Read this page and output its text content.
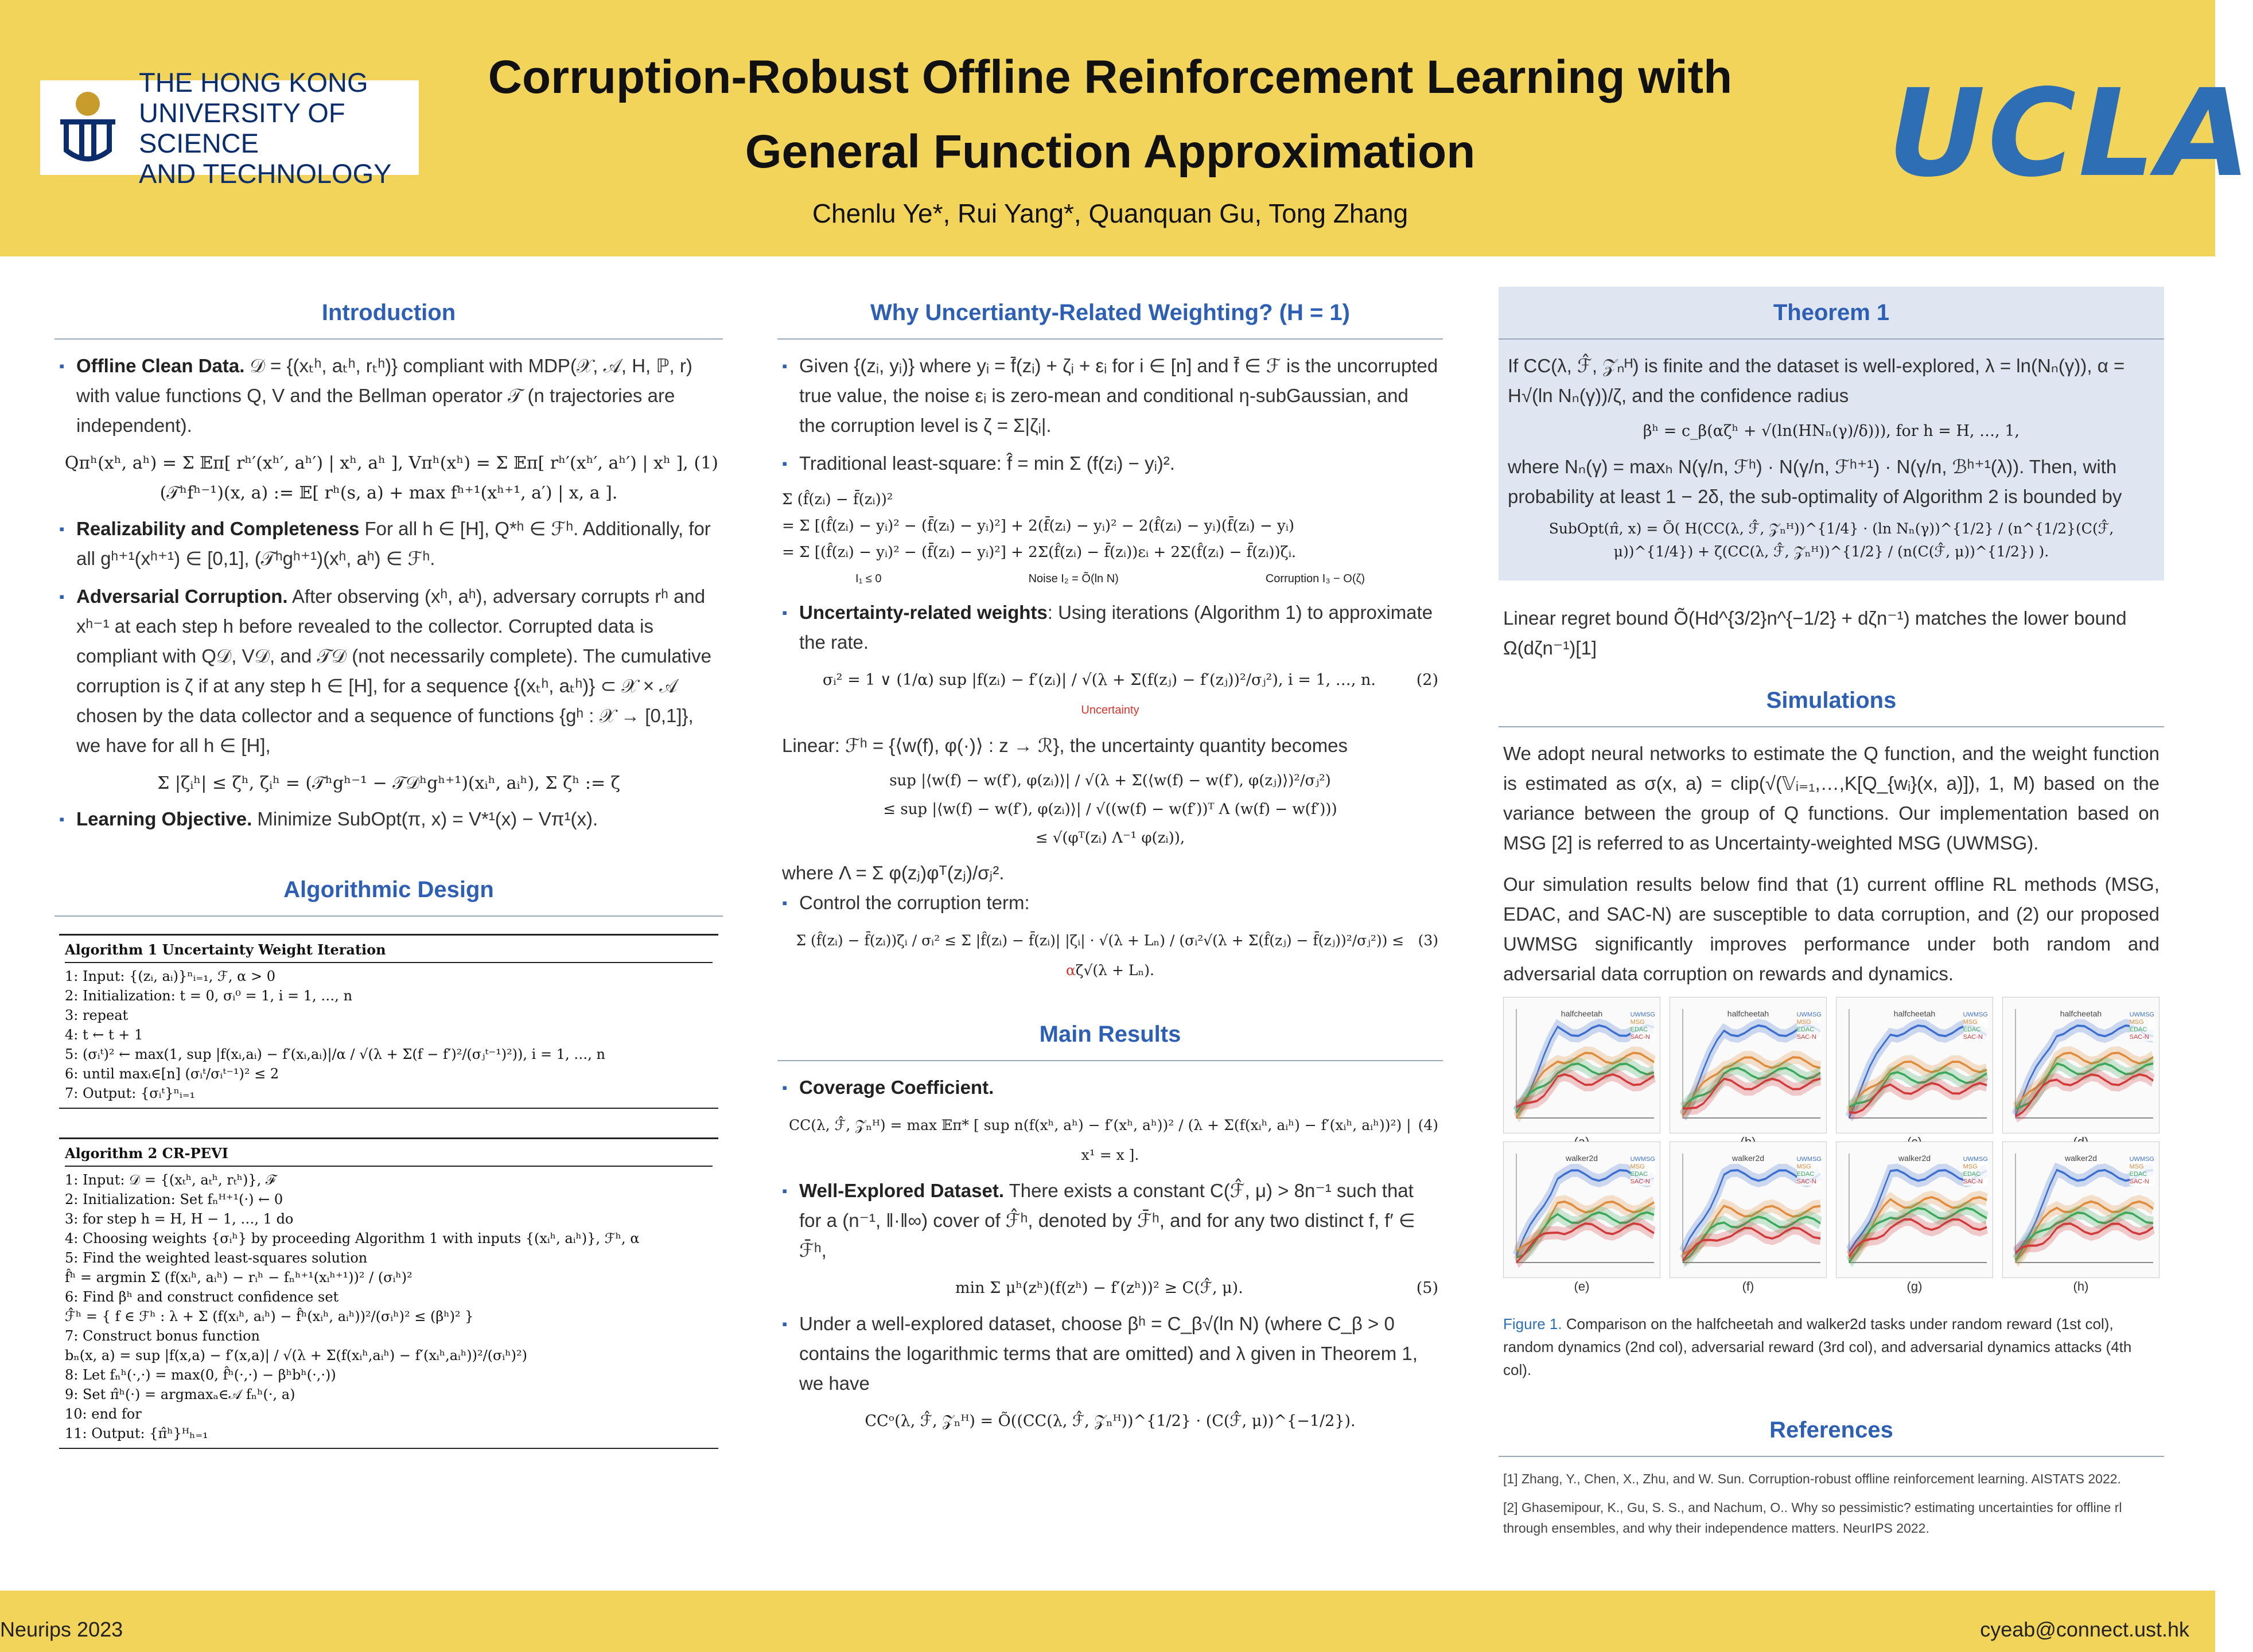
THE HONG KONG
UNIVERSITY OF SCIENCE
AND TECHNOLOGY
Corruption-Robust Offline Reinforcement Learning with
General Function Approximation
Chenlu Ye*, Rui Yang*, Quanquan Gu, Tong Zhang
UCLA
Introduction
▪ Offline Clean Data. 𝒟 = {(xₜʰ, aₜʰ, rₜʰ)} compliant with MDP(𝒳, 𝒜, H, ℙ, r) with value functions Q, V and the Bellman operator 𝒯 (n trajectories are independent).
(1)
Qπʰ(xʰ, aʰ) = Σ 𝔼π[ rʰ′(xʰ′, aʰ′) | xʰ, aʰ ], Vπʰ(xʰ) = Σ 𝔼π[ rʰ′(xʰ′, aʰ′) | xʰ ],
(𝒯ʰfʰ⁻¹)(x, a) := 𝔼[ rʰ(s, a) + max fʰ⁺¹(xʰ⁺¹, a′) | x, a ].
▪ Realizability and Completeness For all h ∈ [H], Q*ʰ ∈ ℱʰ. Additionally, for all gʰ⁺¹(xʰ⁺¹) ∈ [0,1], (𝒯ʰgʰ⁺¹)(xʰ, aʰ) ∈ ℱʰ.
▪ Adversarial Corruption. After observing (xʰ, aʰ), adversary corrupts rʰ and xʰ⁻¹ at each step h before revealed to the collector. Corrupted data is compliant with Q𝒟, V𝒟, and 𝒯𝒟 (not necessarily complete). The cumulative corruption is ζ if at any step h ∈ [H], for a sequence {(xₜʰ, aₜʰ)} ⊂ 𝒳 × 𝒜 chosen by the data collector and a sequence of functions {gʰ : 𝒳 → [0,1]}, we have for all h ∈ [H],
Σ |ζᵢʰ| ≤ ζʰ, ζᵢʰ = (𝒯ʰgʰ⁻¹ − 𝒯𝒟ʰgʰ⁺¹)(xᵢʰ, aᵢʰ), Σ ζʰ := ζ
▪ Learning Objective. Minimize SubOpt(π, x) = V*¹(x) − Vπ¹(x).
Algorithmic Design
Algorithm 1 Uncertainty Weight Iteration
1: Input: {(zᵢ, aᵢ)}ⁿᵢ₌₁, ℱ, α > 0
2: Initialization: t = 0, σᵢ⁰ = 1, i = 1, …, n
3: repeat
4: t ← t + 1
5: (σᵢᵗ)² ← max(1, sup |f(xᵢ,aᵢ) − f′(xᵢ,aᵢ)|/α / √(λ + Σ(f − f′)²/(σⱼᵗ⁻¹)²)), i = 1, …, n
6: until maxᵢ∈[n] (σᵢᵗ/σᵢᵗ⁻¹)² ≤ 2
7: Output: {σᵢᵗ}ⁿᵢ₌₁
Algorithm 2 CR-PEVI
1: Input: 𝒟 = {(xₜʰ, aₜʰ, rₜʰ)}, ℱ
2: Initialization: Set fₙᴴ⁺¹(·) ← 0
3: for step h = H, H − 1, …, 1 do
4: Choosing weights {σᵢʰ} by proceeding Algorithm 1 with inputs {(xᵢʰ, aᵢʰ)}, ℱʰ, α
5: Find the weighted least-squares solution
f̂ʰ = argmin Σ (f(xᵢʰ, aᵢʰ) − rᵢʰ − fₙʰ⁺¹(xᵢʰ⁺¹))² / (σᵢʰ)²
6: Find βʰ and construct confidence set
ℱ̂ʰ = { f ∈ ℱʰ : λ + Σ (f(xᵢʰ, aᵢʰ) − f̂ʰ(xᵢʰ, aᵢʰ))²/(σᵢʰ)² ≤ (βʰ)² }
7: Construct bonus function
bₙ(x, a) = sup |f(x,a) − f′(x,a)| / √(λ + Σ(f(xᵢʰ,aᵢʰ) − f′(xᵢʰ,aᵢʰ))²/(σᵢʰ)²)
8: Let fₙʰ(·,·) = max(0, f̂ʰ(·,·) − βʰbʰ(·,·))
9: Set π̂ʰ(·) = argmaxₐ∈𝒜 fₙʰ(·, a)
10: end for
11: Output: {π̂ʰ}ᴴₕ₌₁
Why Uncertianty-Related Weighting? (H = 1)
▪ Given {(zᵢ, yᵢ)} where yᵢ = f̄(zᵢ) + ζᵢ + εᵢ for i ∈ [n] and f̄ ∈ ℱ is the uncorrupted true value, the noise εᵢ is zero-mean and conditional η-subGaussian, and the corruption level is ζ = Σ|ζᵢ|.
▪ Traditional least-square: f̂ = min Σ (f(zᵢ) − yᵢ)².
Σ (f̂(zᵢ) − f̄(zᵢ))²
= Σ [(f̂(zᵢ) − yᵢ)² − (f̄(zᵢ) − yᵢ)²] + 2(f̄(zᵢ) − yᵢ)² − 2(f̂(zᵢ) − yᵢ)(f̄(zᵢ) − yᵢ)
= Σ [(f̂(zᵢ) − yᵢ)² − (f̄(zᵢ) − yᵢ)²] + 2Σ(f̂(zᵢ) − f̄(zᵢ))εᵢ + 2Σ(f̂(zᵢ) − f̄(zᵢ))ζᵢ.
I₁ ≤ 0	Noise I₂ = Õ(ln N)	Corruption I₃ − O(ζ)
▪ Uncertainty-related weights: Using iterations (Algorithm 1) to approximate the rate.
(2)
σᵢ² = 1 ∨ (1/α) sup |f(zᵢ) − f′(zᵢ)| / √(λ + Σ(f(zⱼ) − f′(zⱼ))²/σⱼ²), i = 1, …, n.
Uncertainty
Linear: ℱʰ = {⟨w(f), φ(·)⟩ : z → ℛ}, the uncertainty quantity becomes
sup |⟨w(f) − w(f′), φ(zᵢ)⟩| / √(λ + Σ(⟨w(f) − w(f′), φ(zⱼ)⟩)²/σⱼ²)
≤ sup |⟨w(f) − w(f′), φ(zᵢ)⟩| / √((w(f) − w(f′))ᵀ Λ (w(f) − w(f′)))
≤ √(φᵀ(zᵢ) Λ⁻¹ φ(zᵢ)),
where Λ = Σ φ(zⱼ)φᵀ(zⱼ)/σⱼ².
▪ Control the corruption term:
(3)
Σ (f̂(zᵢ) − f̄(zᵢ))ζᵢ / σᵢ² ≤ Σ |f̂(zᵢ) − f̄(zᵢ)| |ζᵢ| · √(λ + Lₙ) / (σᵢ²√(λ + Σ(f̂(zⱼ) − f̄(zⱼ))²/σⱼ²)) ≤ αζ√(λ + Lₙ).
Main Results
▪ Coverage Coefficient.
(4)
CC(λ, ℱ̂, 𝒵ₙᴴ) = max 𝔼π* [ sup n(f(xʰ, aʰ) − f′(xʰ, aʰ))² / (λ + Σ(f(xᵢʰ, aᵢʰ) − f′(xᵢʰ, aᵢʰ))²) | x¹ = x ].
▪ Well-Explored Dataset. There exists a constant C(ℱ̂, μ) > 8n⁻¹ such that for a (n⁻¹, ‖·‖∞) cover of ℱ̂ʰ, denoted by ℱ̄ʰ, and for any two distinct f, f′ ∈ ℱ̄ʰ,
(5)
min Σ μʰ(zʰ)(f(zʰ) − f′(zʰ))² ≥ C(ℱ̂, μ).
▪ Under a well-explored dataset, choose βʰ = C_β√(ln N) (where C_β > 0 contains the logarithmic terms that are omitted) and λ given in Theorem 1, we have
CCᵒ(λ, ℱ̂, 𝒵ₙᴴ) = Õ((CC(λ, ℱ̂, 𝒵ₙᴴ))^{1/2} · (C(ℱ̂, μ))^{−1/2}).
Theorem 1
If CC(λ, ℱ̂, 𝒵ₙᴴ) is finite and the dataset is well-explored, λ = ln(Nₙ(γ)), α = H√(ln Nₙ(γ))/ζ, and the confidence radius
βʰ = c_β(αζʰ + √(ln(HNₙ(γ)/δ))), for h = H, …, 1,
where Nₙ(γ) = maxₕ N(γ/n, ℱʰ) · N(γ/n, ℱʰ⁺¹) · N(γ/n, ℬʰ⁺¹(λ)). Then, with probability at least 1 − 2δ, the sub-optimality of Algorithm 2 is bounded by
SubOpt(π̂, x) = Õ( H(CC(λ, ℱ̂, 𝒵ₙᴴ))^{1/4} · (ln Nₙ(γ))^{1/2} / (n^{1/2}(C(ℱ̂, μ))^{1/4}) + ζ(CC(λ, ℱ̂, 𝒵ₙᴴ))^{1/2} / (n(C(ℱ̂, μ))^{1/2}) ).
Linear regret bound Õ(Hd^{3/2}n^{−1/2} + dζn⁻¹) matches the lower bound Ω(dζn⁻¹)[1]
Simulations
We adopt neural networks to estimate the Q function, and the weight function is estimated as σ(x, a) = clip(√(𝕍ᵢ₌₁,…,K[Q_{wᵢ}(x, a)]), 1, M) based on the variance between the group of Q functions. Our implementation based on MSG [2] is referred to as Uncertainty-weighted MSG (UWMSG).
Our simulation results below find that (1) current offline RL methods (MSG, EDAC, and SAC-N) are susceptible to data corruption, and (2) our proposed UWMSG significantly improves performance under both random and adversarial data corruption on rewards and dynamics.
halfcheetah	UWMSG
MSG
EDAC
SAC-N
halfcheetah	UWMSG
MSG
EDAC
SAC-N
halfcheetah	UWMSG
MSG
EDAC
SAC-N
halfcheetah	UWMSG
MSG
EDAC
SAC-N
walker2d	UWMSG
MSG
EDAC
SAC-N
(e)
walker2d	UWMSG
MSG
EDAC
SAC-N
(f)
walker2d	UWMSG
MSG
EDAC
SAC-N
(g)
walker2d	UWMSG
MSG
EDAC
SAC-N
(h)
Figure 1. Comparison on the halfcheetah and walker2d tasks under random reward (1st col), random dynamics (2nd col), adversarial reward (3rd col), and adversarial dynamics attacks (4th col).
References
[1] Zhang, Y., Chen, X., Zhu, and W. Sun. Corruption-robust offline reinforcement learning. AISTATS 2022.
[2] Ghasemipour, K., Gu, S. S., and Nachum, O.. Why so pessimistic? estimating uncertainties for offline rl through ensembles, and why their independence matters. NeurIPS 2022.
Neurips 2023	cyeab@connect.ust.hk
